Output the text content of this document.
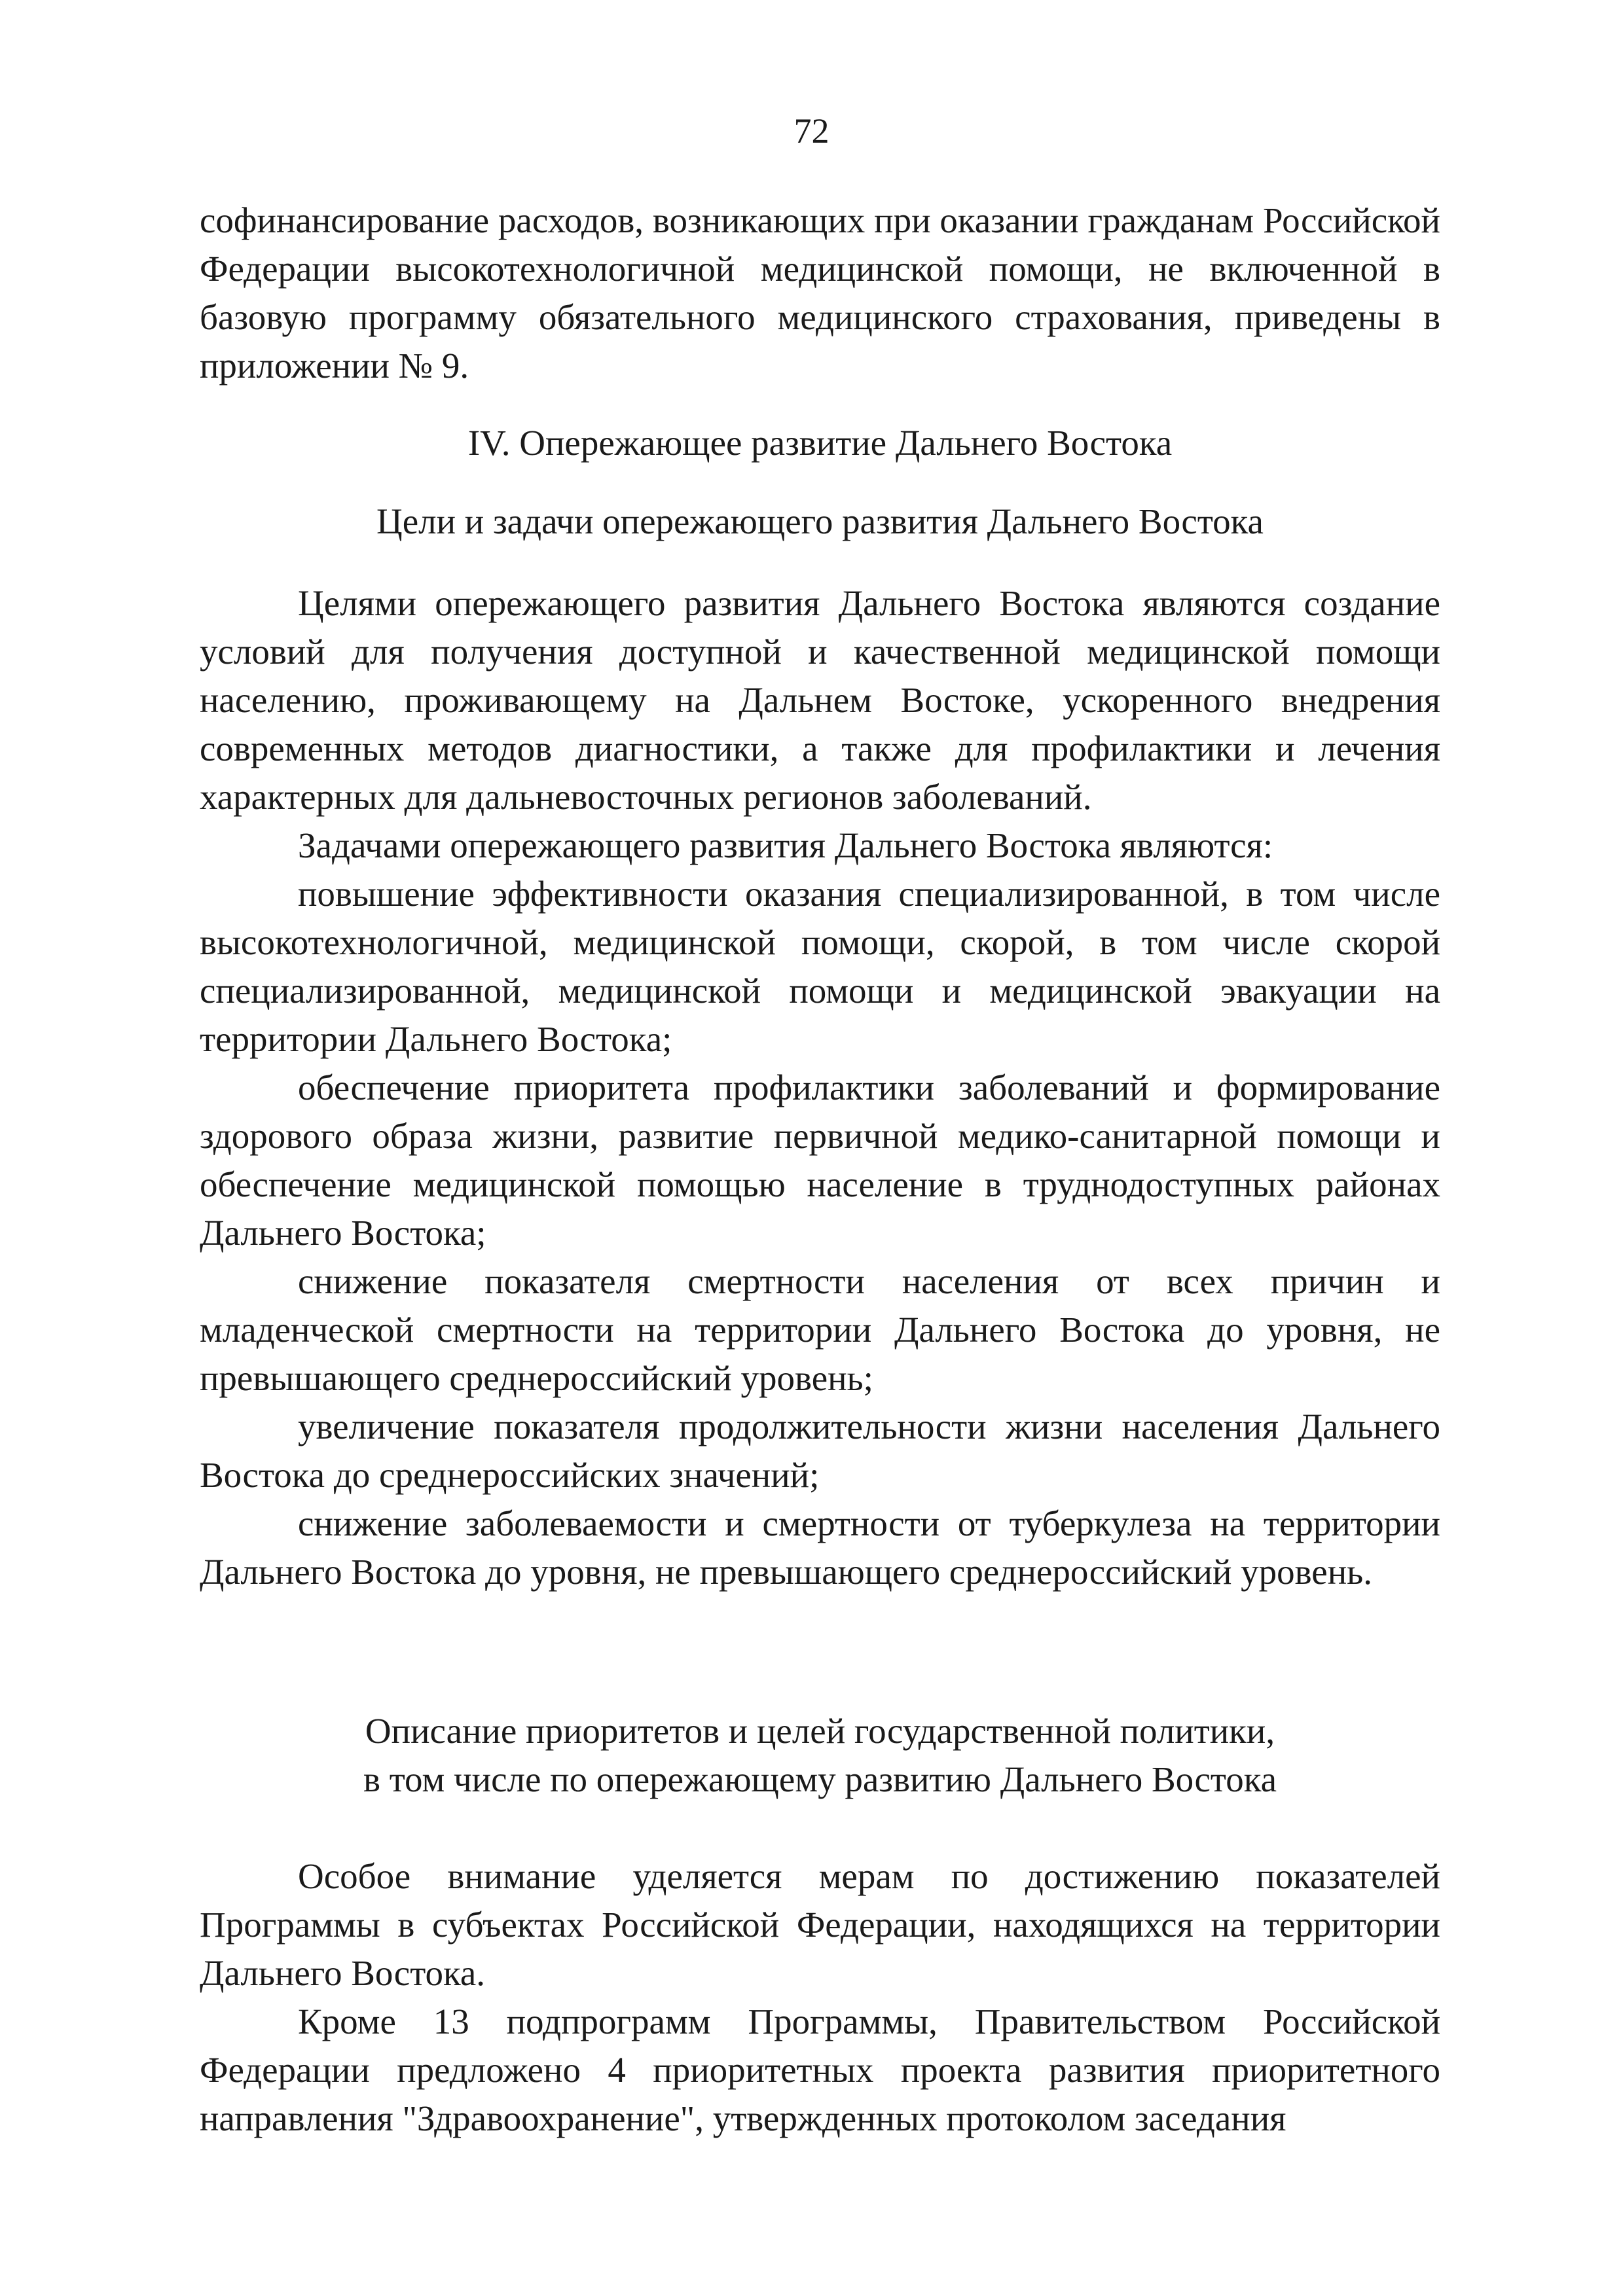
72

софинансирование расходов, возникающих при оказании гражданам Российской Федерации высокотехнологичной медицинской помощи, не включенной в базовую программу обязательного медицинского страхования, приведены в приложении № 9.

IV. Опережающее развитие Дальнего Востока

Цели и задачи опережающего развития Дальнего Востока

Целями опережающего развития Дальнего Востока являются создание условий для получения доступной и качественной медицинской помощи населению, проживающему на Дальнем Востоке, ускоренного внедрения современных методов диагностики, а также для профилактики и лечения характерных для дальневосточных регионов заболеваний.

Задачами опережающего развития Дальнего Востока являются:

повышение эффективности оказания специализированной, в том числе высокотехнологичной, медицинской помощи, скорой, в том числе скорой специализированной, медицинской помощи и медицинской эвакуации на территории Дальнего Востока;

обеспечение приоритета профилактики заболеваний и формирование здорового образа жизни, развитие первичной медико-санитарной помощи и обеспечение медицинской помощью население в труднодоступных районах Дальнего Востока;

снижение показателя смертности населения от всех причин и младенческой смертности на территории Дальнего Востока до уровня, не превышающего среднероссийский уровень;

увеличение показателя продолжительности жизни населения Дальнего Востока до среднероссийских значений;

снижение заболеваемости и смертности от туберкулеза на территории Дальнего Востока до уровня, не превышающего среднероссийский уровень.

Описание приоритетов и целей государственной политики,

в том числе по опережающему развитию Дальнего Востока

Особое внимание уделяется мерам по достижению показателей Программы в субъектах Российской Федерации, находящихся на территории Дальнего Востока.

Кроме 13 подпрограмм Программы, Правительством Российской Федерации предложено 4 приоритетных проекта развития приоритетного направления "Здравоохранение", утвержденных протоколом заседания
